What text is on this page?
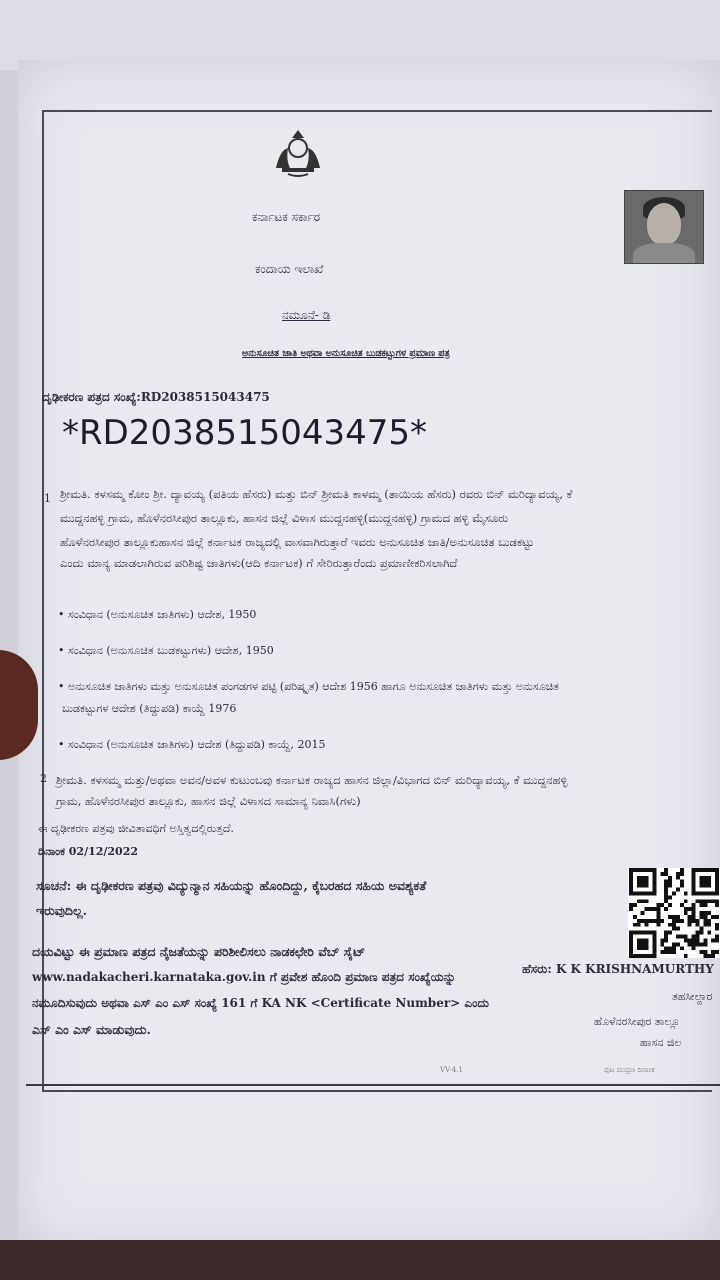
ಕರ್ನಾಟಕ ಸರ್ಕಾರ
ಕಂದಾಯ ಇಲಾಖೆ
ನಮೂನೆ- ಡಿ
ಅನುಸೂಚಿತ ಜಾತಿ ಅಥವಾ ಅನುಸೂಚಿತ ಬುಡಕಟ್ಟುಗಳ ಪ್ರಮಾಣ ಪತ್ರ
ದೃಢೀಕರಣ ಪತ್ರದ ಸಂಖ್ಯೆ:RD2038515043475
*RD2038515043475*
1 ಶ್ರೀಮತಿ. ಕಳಸಮ್ಮ ಕೋಂ ಶ್ರೀ. ದ್ಯಾವಯ್ಯ (ಪತಿಯ ಹೆಸರು) ಮತ್ತು ಬಿನ್ ಶ್ರೀಮತಿ ಕಾಳಮ್ಮ (ತಾಯಿಯ ಹೆಸರು) ರವರು ಬಿನ್ ಮರಿದ್ಯಾವಯ್ಯ, ಕೆ
ಮುದ್ದನಹಳ್ಳಿ ಗ್ರಾಮ, ಹೊಳೆನರಸೀಪುರ ತಾಲ್ಲೂಕು, ಹಾಸನ ಜಿಲ್ಲೆ ವಿಳಾಸ ಮುದ್ದನಹಳ್ಳಿ(ಮುದ್ದನಹಳ್ಳಿ) ಗ್ರಾಮದ ಹಳ್ಳಿ ಮೈಸೂರು
ಹೊಳೆನರಸೀಪುರ ತಾಲ್ಲೂಕುಹಾಸನ ಜಿಲ್ಲೆ ಕರ್ನಾಟಕ ರಾಜ್ಯದಲ್ಲಿ ವಾಸವಾಗಿರುತ್ತಾರೆ ಇವರು ಅನುಸೂಚಿತ ಜಾತಿ/ಅನುಸೂಚಿತ ಬುಡಕಟ್ಟು
ಎಂದು ಮಾನ್ಯ ಮಾಡಲಾಗಿರುವ ಪರಿಶಿಷ್ಟ ಜಾತಿಗಳು(ಆದಿ ಕರ್ನಾಟಕ) ಗೆ ಸೇರಿರುತ್ತಾರೆಂದು ಪ್ರಮಾಣೀಕರಿಸಲಾಗಿದೆ
• ಸಂವಿಧಾನ (ಅನುಸೂಚಿತ ಜಾತಿಗಳು) ಆದೇಶ, 1950
• ಸಂವಿಧಾನ (ಅನುಸೂಚಿತ ಬುಡಕಟ್ಟುಗಳು) ಆದೇಶ, 1950
• ಅನುಸೂಚಿತ ಜಾತಿಗಳು ಮತ್ತು ಅನುಸೂಚಿತ ಪಂಗಡಗಳ ಪಟ್ಟಿ (ಪರಿಷ್ಕೃತ) ಆದೇಶ 1956 ಹಾಗೂ ಅನುಸೂಚಿತ ಜಾತಿಗಳು ಮತ್ತು ಅನುಸೂಚಿತ
ಬುಡಕಟ್ಟುಗಳ ಆದೇಶ (ತಿದ್ದುಪಡಿ) ಕಾಯ್ದೆ 1976
• ಸಂವಿಧಾನ (ಅನುಸೂಚಿತ ಜಾತಿಗಳು) ಆದೇಶ (ತಿದ್ದುಪಡಿ) ಕಾಯ್ದೆ, 2015
2 ಶ್ರೀಮತಿ. ಕಳಸಮ್ಮ ಮತ್ತು/ಅಥವಾ ಅವನ/ಅವಳ ಕುಟುಂಬವು ಕರ್ನಾಟಕ ರಾಜ್ಯದ ಹಾಸನ ಜಿಲ್ಲಾ/ವಿಭಾಗದ ಬಿನ್ ಮರಿದ್ಯಾವಯ್ಯ, ಕೆ ಮುದ್ದನಹಳ್ಳಿ
ಗ್ರಾಮ, ಹೊಳೆನರಸೀಪುರ ತಾಲ್ಲೂಕು, ಹಾಸನ ಜಿಲ್ಲೆ ವಿಳಾಸದ ಸಾಮಾನ್ಯ ನಿವಾಸಿ(ಗಳು)
ಈ ದೃಢೀಕರಣ ಪತ್ರವು ಜೀವಿತಾವಧಿಗೆ ಅಸ್ತಿತ್ವದಲ್ಲಿರುತ್ತದೆ.
ದಿನಾಂಕ 02/12/2022
ಸೂಚನೆ: ಈ ದೃಢೀಕರಣ ಪತ್ರವು ವಿದ್ಯುನ್ಮಾನ ಸಹಿಯನ್ನು ಹೊಂದಿದ್ದು, ಕೈಬರಹದ ಸಹಿಯ ಅವಶ್ಯಕತೆ
ಇರುವುದಿಲ್ಲ.
ದಯವಿಟ್ಟು ಈ ಪ್ರಮಾಣ ಪತ್ರದ ನೈಜತೆಯನ್ನು ಪರಿಶೀಲಿಸಲು ನಾಡಕಛೇರಿ ವೆಬ್ ಸೈಟ್
www.nadakacheri.karnataka.gov.in ಗೆ ಪ್ರವೇಶ ಹೊಂದಿ ಪ್ರಮಾಣ ಪತ್ರದ ಸಂಖ್ಯೆಯನ್ನು
ನಮೂದಿಸುವುದು ಅಥವಾ ಎಸ್ ಎಂ ಎಸ್ ಸಂಖ್ಯೆ 161 ಗೆ KA NK <Certificate Number> ಎಂದು
ಎಸ್ ಎಂ ಎಸ್ ಮಾಡುವುದು.
ಹೆಸರು: K K KRISHNAMURTHY
ತಹಸೀಲ್ದಾರ
ಹೊಳೆನರಸೀಪುರ ತಾಲ್ಲೂ
ಹಾಸನ ಜಿಲ
VV-4.1	ಪುಟ ಮುದ್ರಣ ದಿನಾಂಕ
